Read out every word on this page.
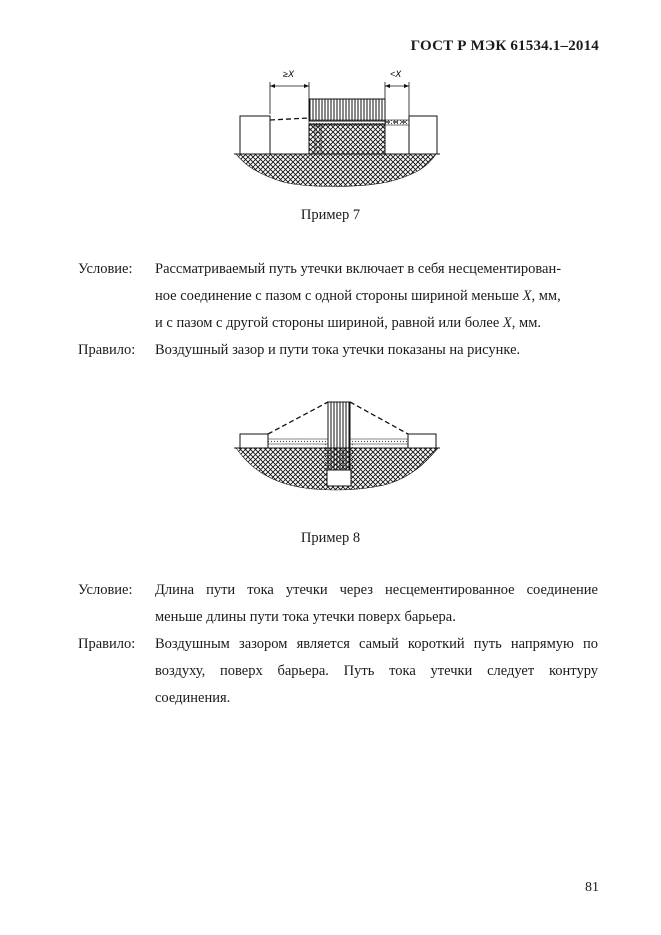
ГОСТ Р МЭК 61534.1–2014
≥X	<X
Пример 7
Условие:	Рассматриваемый путь утечки включает в себя несцементирован-
ное соединение с пазом с одной стороны шириной меньше X, мм,
и с пазом с другой стороны шириной, равной или более X, мм.
Правило:	Воздушный зазор и пути тока утечки показаны на рисунке.
Пример 8
Условие:	Длина пути тока утечки через несцементированное соединение меньше длины пути тока утечки поверх барьера.
Правило:	Воздушным зазором является самый короткий путь напрямую по воздуху, поверх барьера. Путь тока утечки следует контуру соединения.
81
